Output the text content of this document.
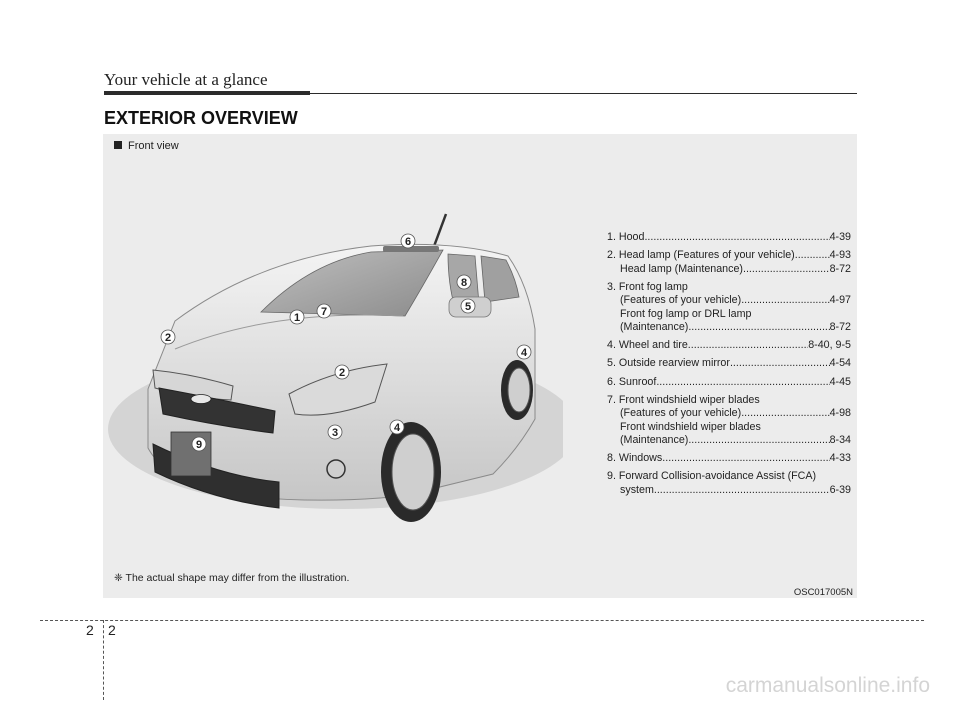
Your vehicle at a glance
EXTERIOR OVERVIEW
Front view
1
2
2
3	4
4
5
6
7
8
9
1. Hood .....	4-39
2. Head lamp (Features of your vehicle) .....	4-93
Head lamp (Maintenance) .....	8-72
3. Front fog lamp
(Features of your vehicle) .....	4-97
Front fog lamp or DRL lamp
(Maintenance) .....	8-72
4. Wheel and tire .....	8-40, 9-5
5. Outside rearview mirror .....	4-54
6. Sunroof .....	4-45
7. Front windshield wiper blades
(Features of your vehicle) .....	4-98
Front windshield wiper blades
(Maintenance) .....	8-34
8. Windows .....	4-33
9. Forward Collision-avoidance Assist (FCA)
system .....	6-39
❈ The actual shape may differ from the illustration.
OSC017005N
2 2
carmanualsonline.info
